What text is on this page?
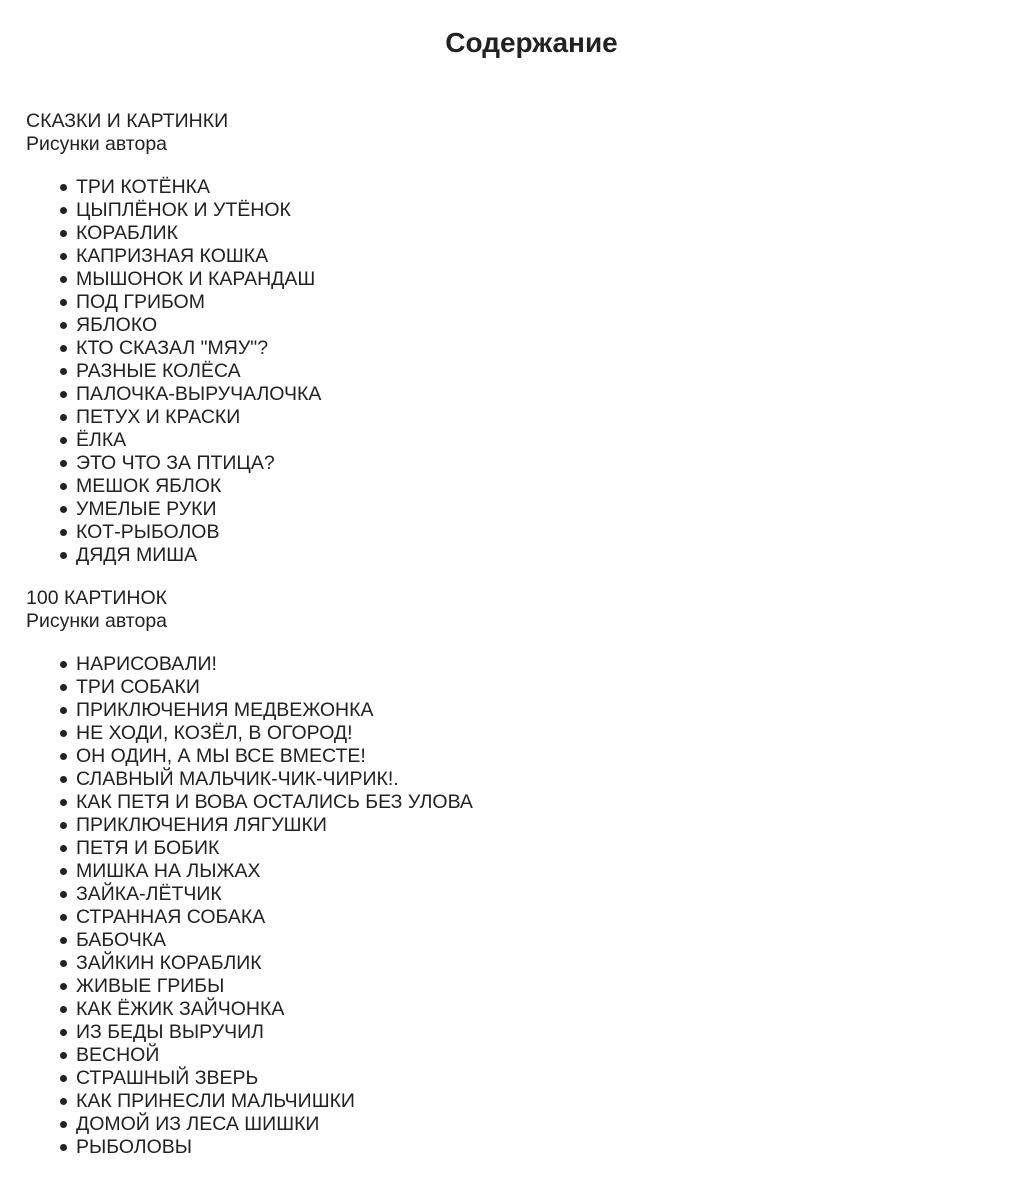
Содержание
СКАЗКИ И КАРТИНКИ
Рисунки автора
ТРИ КОТЁНКА
ЦЫПЛЁНОК И УТЁНОК
КОРАБЛИК
КАПРИЗНАЯ КОШКА
МЫШОНОК И КАРАНДАШ
ПОД ГРИБОМ
ЯБЛОКО
КТО СКАЗАЛ "МЯУ"?
РАЗНЫЕ КОЛЁСА
ПАЛОЧКА-ВЫРУЧАЛОЧКА
ПЕТУХ И КРАСКИ
ЁЛКА
ЭТО ЧТО ЗА ПТИЦА?
МЕШОК ЯБЛОК
УМЕЛЫЕ РУКИ
КОТ-РЫБОЛОВ
ДЯДЯ МИША
100 КАРТИНОК
Рисунки автора
НАРИСОВАЛИ!
ТРИ СОБАКИ
ПРИКЛЮЧЕНИЯ МЕДВЕЖОНКА
НЕ ХОДИ, КОЗЁЛ, В ОГОРОД!
ОН ОДИН, А МЫ ВСЕ ВМЕСТЕ!
СЛАВНЫЙ МАЛЬЧИК-ЧИК-ЧИРИК!.
КАК ПЕТЯ И ВОВА ОСТАЛИСЬ БЕЗ УЛОВА
ПРИКЛЮЧЕНИЯ ЛЯГУШКИ
ПЕТЯ И БОБИК
МИШКА НА ЛЫЖАХ
ЗАЙКА-ЛЁТЧИК
СТРАННАЯ СОБАКА
БАБОЧКА
ЗАЙКИН КОРАБЛИК
ЖИВЫЕ ГРИБЫ
КАК ЁЖИК ЗАЙЧОНКА
ИЗ БЕДЫ ВЫРУЧИЛ
ВЕСНОЙ
СТРАШНЫЙ ЗВЕРЬ
КАК ПРИНЕСЛИ МАЛЬЧИШКИ
ДОМОЙ ИЗ ЛЕСА ШИШКИ
РЫБОЛОВЫ
